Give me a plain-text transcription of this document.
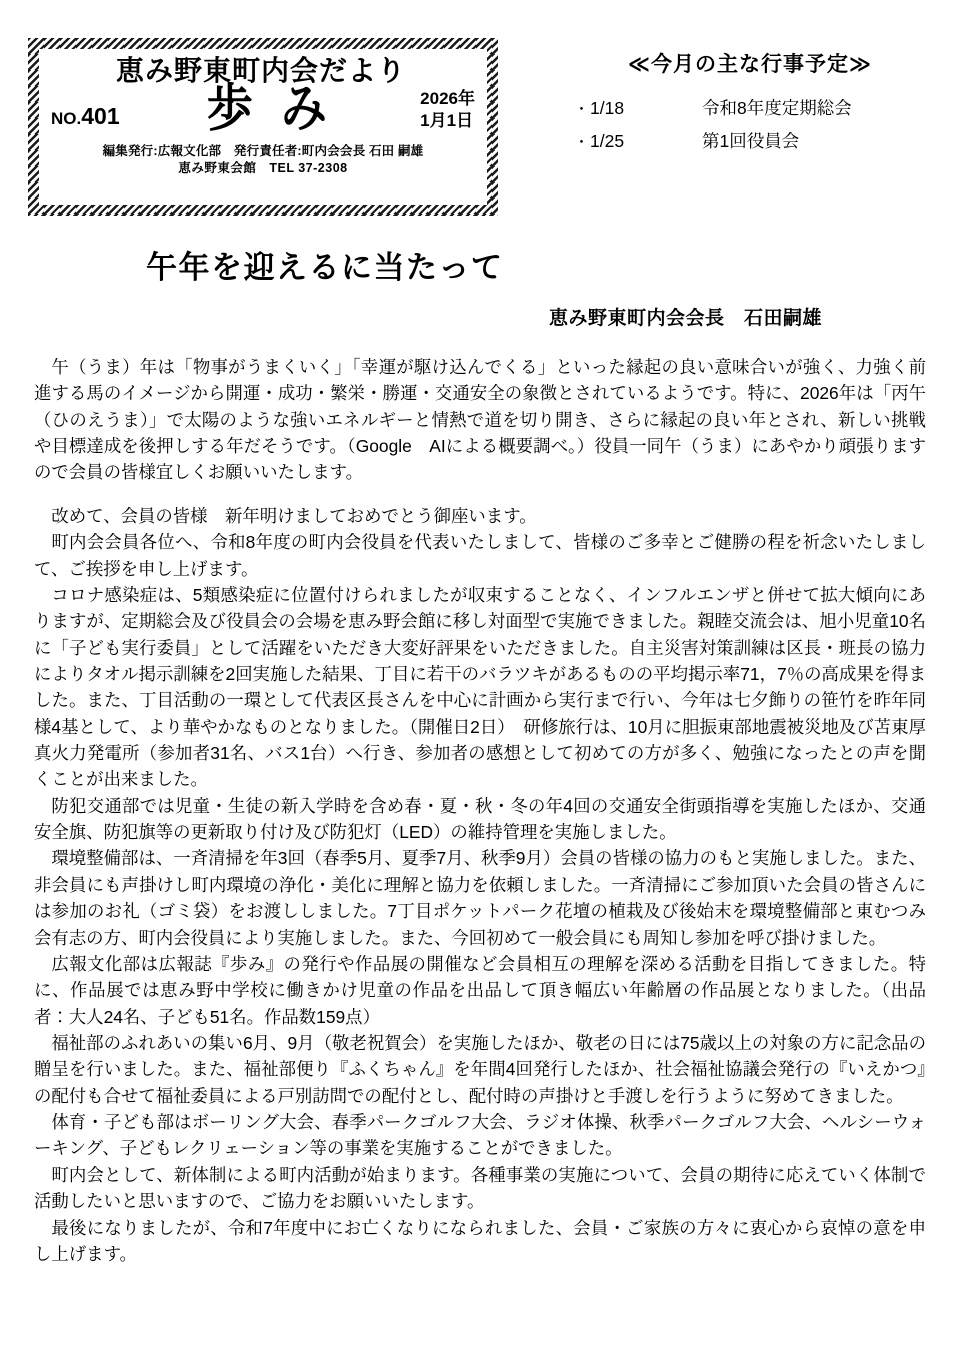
恵み野東町内会だより
NO.401 歩 み	2026年
1月1日
編集発行:広報文化部　発行責任者:町内会会長 石田 嗣雄
恵み野東会館　TEL 37-2308
≪今月の主な行事予定≫
・ 1/18	令和8年度定期総会
・ 1/25	第1回役員会
午年を迎えるに当たって
恵み野東町内会会長　石田嗣雄

午（うま）年は「物事がうまくいく」「幸運が駆け込んでくる」といった縁起の良い意味合いが強く、力強く前進する馬のイメージから開運・成功・繁栄・勝運・交通安全の象徴とされているようです。特に、2026年は「丙午（ひのえうま）」で太陽のような強いエネルギーと情熱で道を切り開き、さらに縁起の良い年とされ、新しい挑戦や目標達成を後押しする年だそうです。（Google　AIによる概要調べ。）役員一同午（うま）にあやかり頑張りますので会員の皆様宜しくお願いいたします。

改めて、会員の皆様　新年明けましておめでとう御座います。

町内会会員各位へ、令和8年度の町内会役員を代表いたしまして、皆様のご多幸とご健勝の程を祈念いたしまして、ご挨拶を申し上げます。

コロナ感染症は、5類感染症に位置付けられましたが収束することなく、インフルエンザと併せて拡大傾向にありますが、定期総会及び役員会の会場を恵み野会館に移し対面型で実施できました。親睦交流会は、旭小児童10名に「子ども実行委員」として活躍をいただき大変好評果をいただきました。自主災害対策訓練は区長・班長の協力によりタオル掲示訓練を2回実施した結果、丁目に若干のバラツキがあるものの平均掲示率71，7％の高成果を得ました。また、丁目活動の一環として代表区長さんを中心に計画から実行まで行い、今年は七夕飾りの笹竹を昨年同様4基として、より華やかなものとなりました。（開催日2日）　研修旅行は、10月に胆振東部地震被災地及び苫東厚真火力発電所（参加者31名、バス1台）へ行き、参加者の感想として初めての方が多く、勉強になったとの声を聞くことが出来ました。

防犯交通部では児童・生徒の新入学時を含め春・夏・秋・冬の年4回の交通安全街頭指導を実施したほか、交通安全旗、防犯旗等の更新取り付け及び防犯灯（LED）の維持管理を実施しました。

環境整備部は、一斉清掃を年3回（春季5月、夏季7月、秋季9月）会員の皆様の協力のもと実施しました。また、非会員にも声掛けし町内環境の浄化・美化に理解と協力を依頼しました。一斉清掃にご参加頂いた会員の皆さんには参加のお礼（ゴミ袋）をお渡ししました。7丁目ポケットパーク花壇の植栽及び後始末を環境整備部と東むつみ会有志の方、町内会役員により実施しました。また、今回初めて一般会員にも周知し参加を呼び掛けました。

広報文化部は広報誌『歩み』の発行や作品展の開催など会員相互の理解を深める活動を目指してきました。特に、作品展では恵み野中学校に働きかけ児童の作品を出品して頂き幅広い年齢層の作品展となりました。（出品者：大人24名、子ども51名。作品数159点）

福祉部のふれあいの集い6月、9月（敬老祝賀会）を実施したほか、敬老の日には75歳以上の対象の方に記念品の贈呈を行いました。また、福祉部便り『ふくちゃん』を年間4回発行したほか、社会福祉協議会発行の『いえかつ』の配付も合せて福祉委員による戸別訪問での配付とし、配付時の声掛けと手渡しを行うように努めてきました。

体育・子ども部はボーリング大会、春季パークゴルフ大会、ラジオ体操、秋季パークゴルフ大会、ヘルシーウォーキング、子どもレクリェーション等の事業を実施することができました。

町内会として、新体制による町内活動が始まります。各種事業の実施について、会員の期待に応えていく体制で活動したいと思いますので、ご協力をお願いいたします。

最後になりましたが、令和7年度中にお亡くなりになられました、会員・ご家族の方々に衷心から哀悼の意を申し上げます。
